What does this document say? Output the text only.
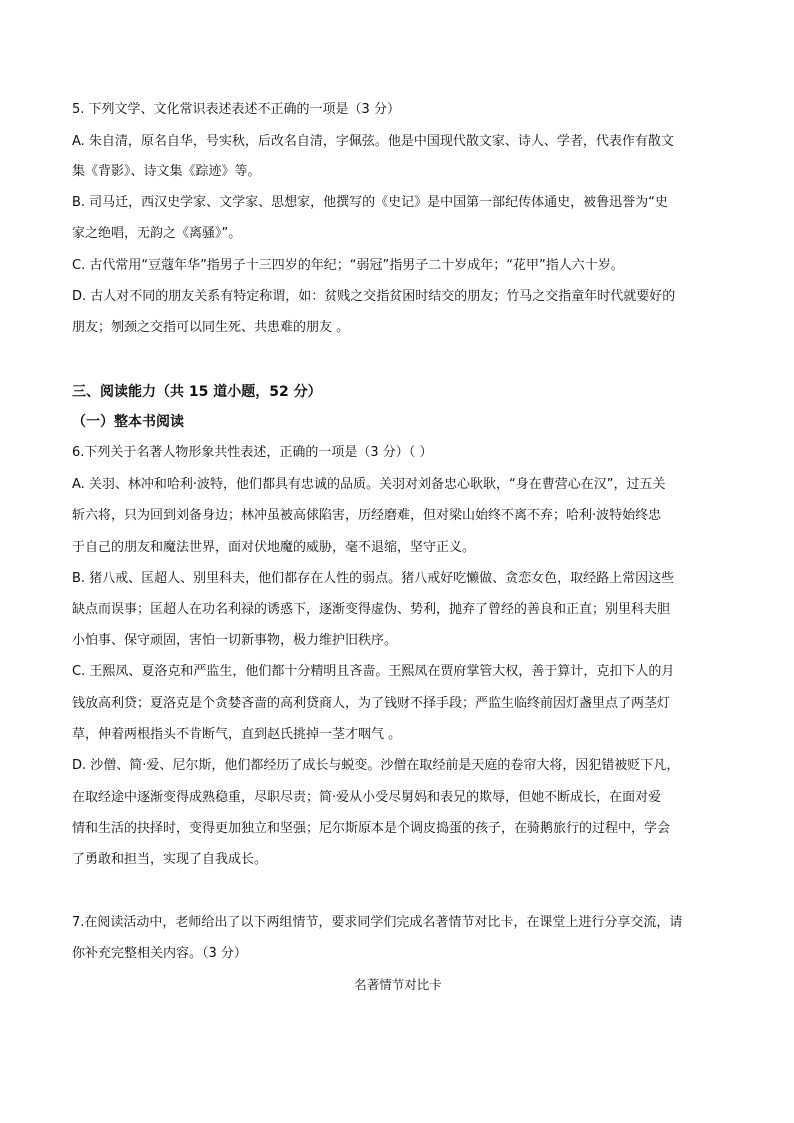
5. 下列文学、文化常识表述表述不正确的一项是（3 分）
A. 朱自清，原名自华，号实秋，后改名自清，字佩弦。他是中国现代散文家、诗人、学者，代表作有散文
集《背影》、诗文集《踪迹》等。
B. 司马迁，西汉史学家、文学家、思想家，他撰写的《史记》是中国第一部纪传体通史，被鲁迅誉为“史
家之绝唱，无韵之《离骚》”。
C. 古代常用“豆蔻年华”指男子十三四岁的年纪；“弱冠”指男子二十岁成年；“花甲”指人六十岁。
D. 古人对不同的朋友关系有特定称谓，如：贫贱之交指贫困时结交的朋友；竹马之交指童年时代就要好的
朋友；刎颈之交指可以同生死、共患难的朋友 。
三、阅读能力（共 15 道小题，52 分）
（一）整本书阅读
6.下列关于名著人物形象共性表述，正确的一项是（3 分）（ ）
A. 关羽、林冲和哈利·波特，他们都具有忠诚的品质。关羽对刘备忠心耿耿，“身在曹营心在汉”，过五关
斩六将，只为回到刘备身边；林冲虽被高俅陷害，历经磨难，但对梁山始终不离不弃；哈利·波特始终忠
于自己的朋友和魔法世界，面对伏地魔的威胁，毫不退缩，坚守正义。
B. 猪八戒、匡超人、别里科夫，他们都存在人性的弱点。猪八戒好吃懒做、贪恋女色，取经路上常因这些
缺点而误事；匡超人在功名利禄的诱惑下，逐渐变得虚伪、势利，抛弃了曾经的善良和正直；别里科夫胆
小怕事、保守顽固，害怕一切新事物，极力维护旧秩序。
C. 王熙凤、夏洛克和严监生，他们都十分精明且吝啬。王熙凤在贾府掌管大权，善于算计，克扣下人的月
钱放高利贷；夏洛克是个贪婪吝啬的高利贷商人，为了钱财不择手段；严监生临终前因灯盏里点了两茎灯
草，伸着两根指头不肯断气，直到赵氏挑掉一茎才咽气 。
D. 沙僧、简·爱、尼尔斯，他们都经历了成长与蜕变。沙僧在取经前是天庭的卷帘大将，因犯错被贬下凡，
在取经途中逐渐变得成熟稳重，尽职尽责；简·爱从小受尽舅妈和表兄的欺辱，但她不断成长，在面对爱
情和生活的抉择时，变得更加独立和坚强；尼尔斯原本是个调皮捣蛋的孩子，在骑鹅旅行的过程中，学会
了勇敢和担当，实现了自我成长。
7.在阅读活动中，老师给出了以下两组情节，要求同学们完成名著情节对比卡，在课堂上进行分享交流，请
你补充完整相关内容。（3 分）
名著情节对比卡
